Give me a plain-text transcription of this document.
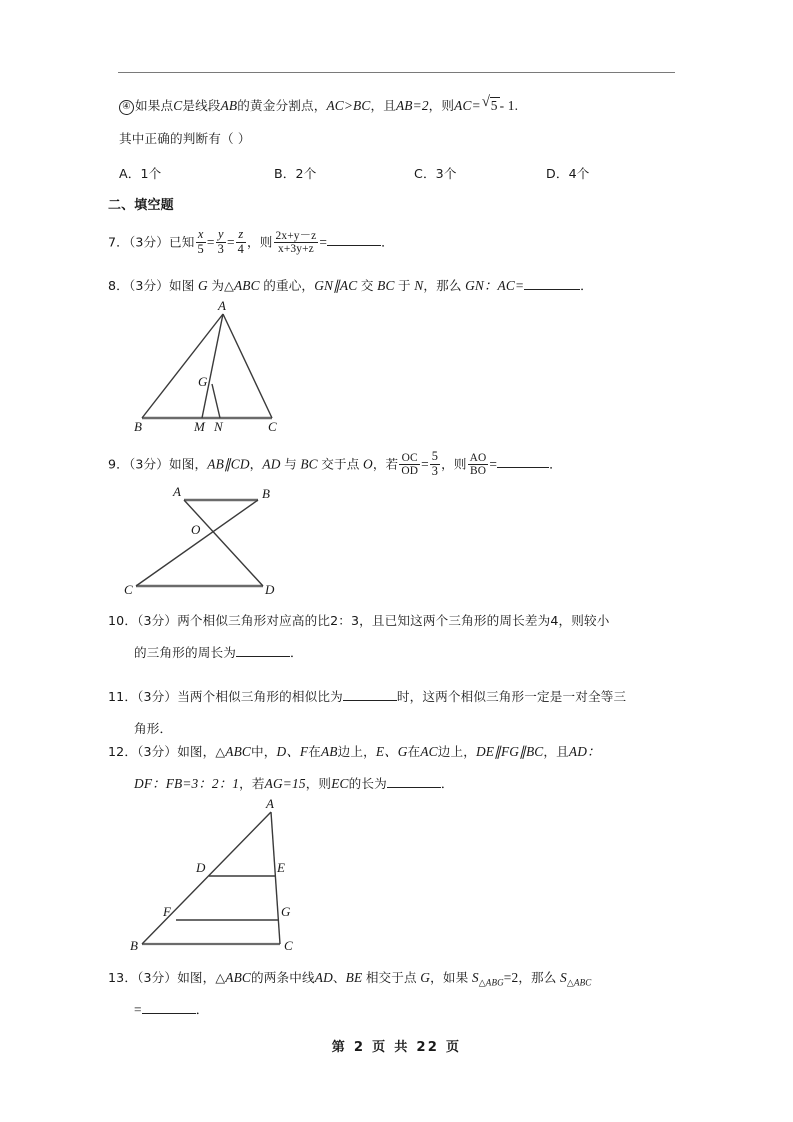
④ 如果点C是线段AB的黄金分割点，AC>BC，且AB=2，则AC= √ 5 - 1.
其中正确的判断有（ ）
A．1个	B．2个	C．3个	D．4个
二、填空题
7．（3分）已知 $\frac{x}{5} = \frac{y}{3} = \frac{z}{4}$ ，则 $\frac{2x+y-z}{x+3y+z}$ =	．
8．（3分）如图 G 为△ABC 的重心，GN∥AC 交 BC 于 N，那么 GN：AC=	．
A
G
B	M N	C
9．（3分）如图，AB∥CD，AD 与 BC 交于点 O，若 $\frac{OC}{OD} = \frac{5}{3}$ ，则 $\frac{AO}{BO}$ =	．
A	B
O
C	D
10．（3分）两个相似三角形对应高的比2：3，且已知这两个三角形的周长差为4，则较小
的三角形的周长为	．
11．（3分）当两个相似三角形的相似比为	时，这两个相似三角形一定是一对全等三
角形．
12．（3分）如图，△ABC中，D、F在AB边上，E、G在AC边上，DE∥FG∥BC，且AD：
DF：FB=3：2：1，若AG=15，则EC的长为	．
A
D	E
F	G
B	C
13．（3分）如图，△ABC的两条中线AD、BE 相交于点 G，如果 $S_{\triangle ABG}=2$，那么 $S_{\triangle ABC}$
=	．
第 2 页 共 22 页
